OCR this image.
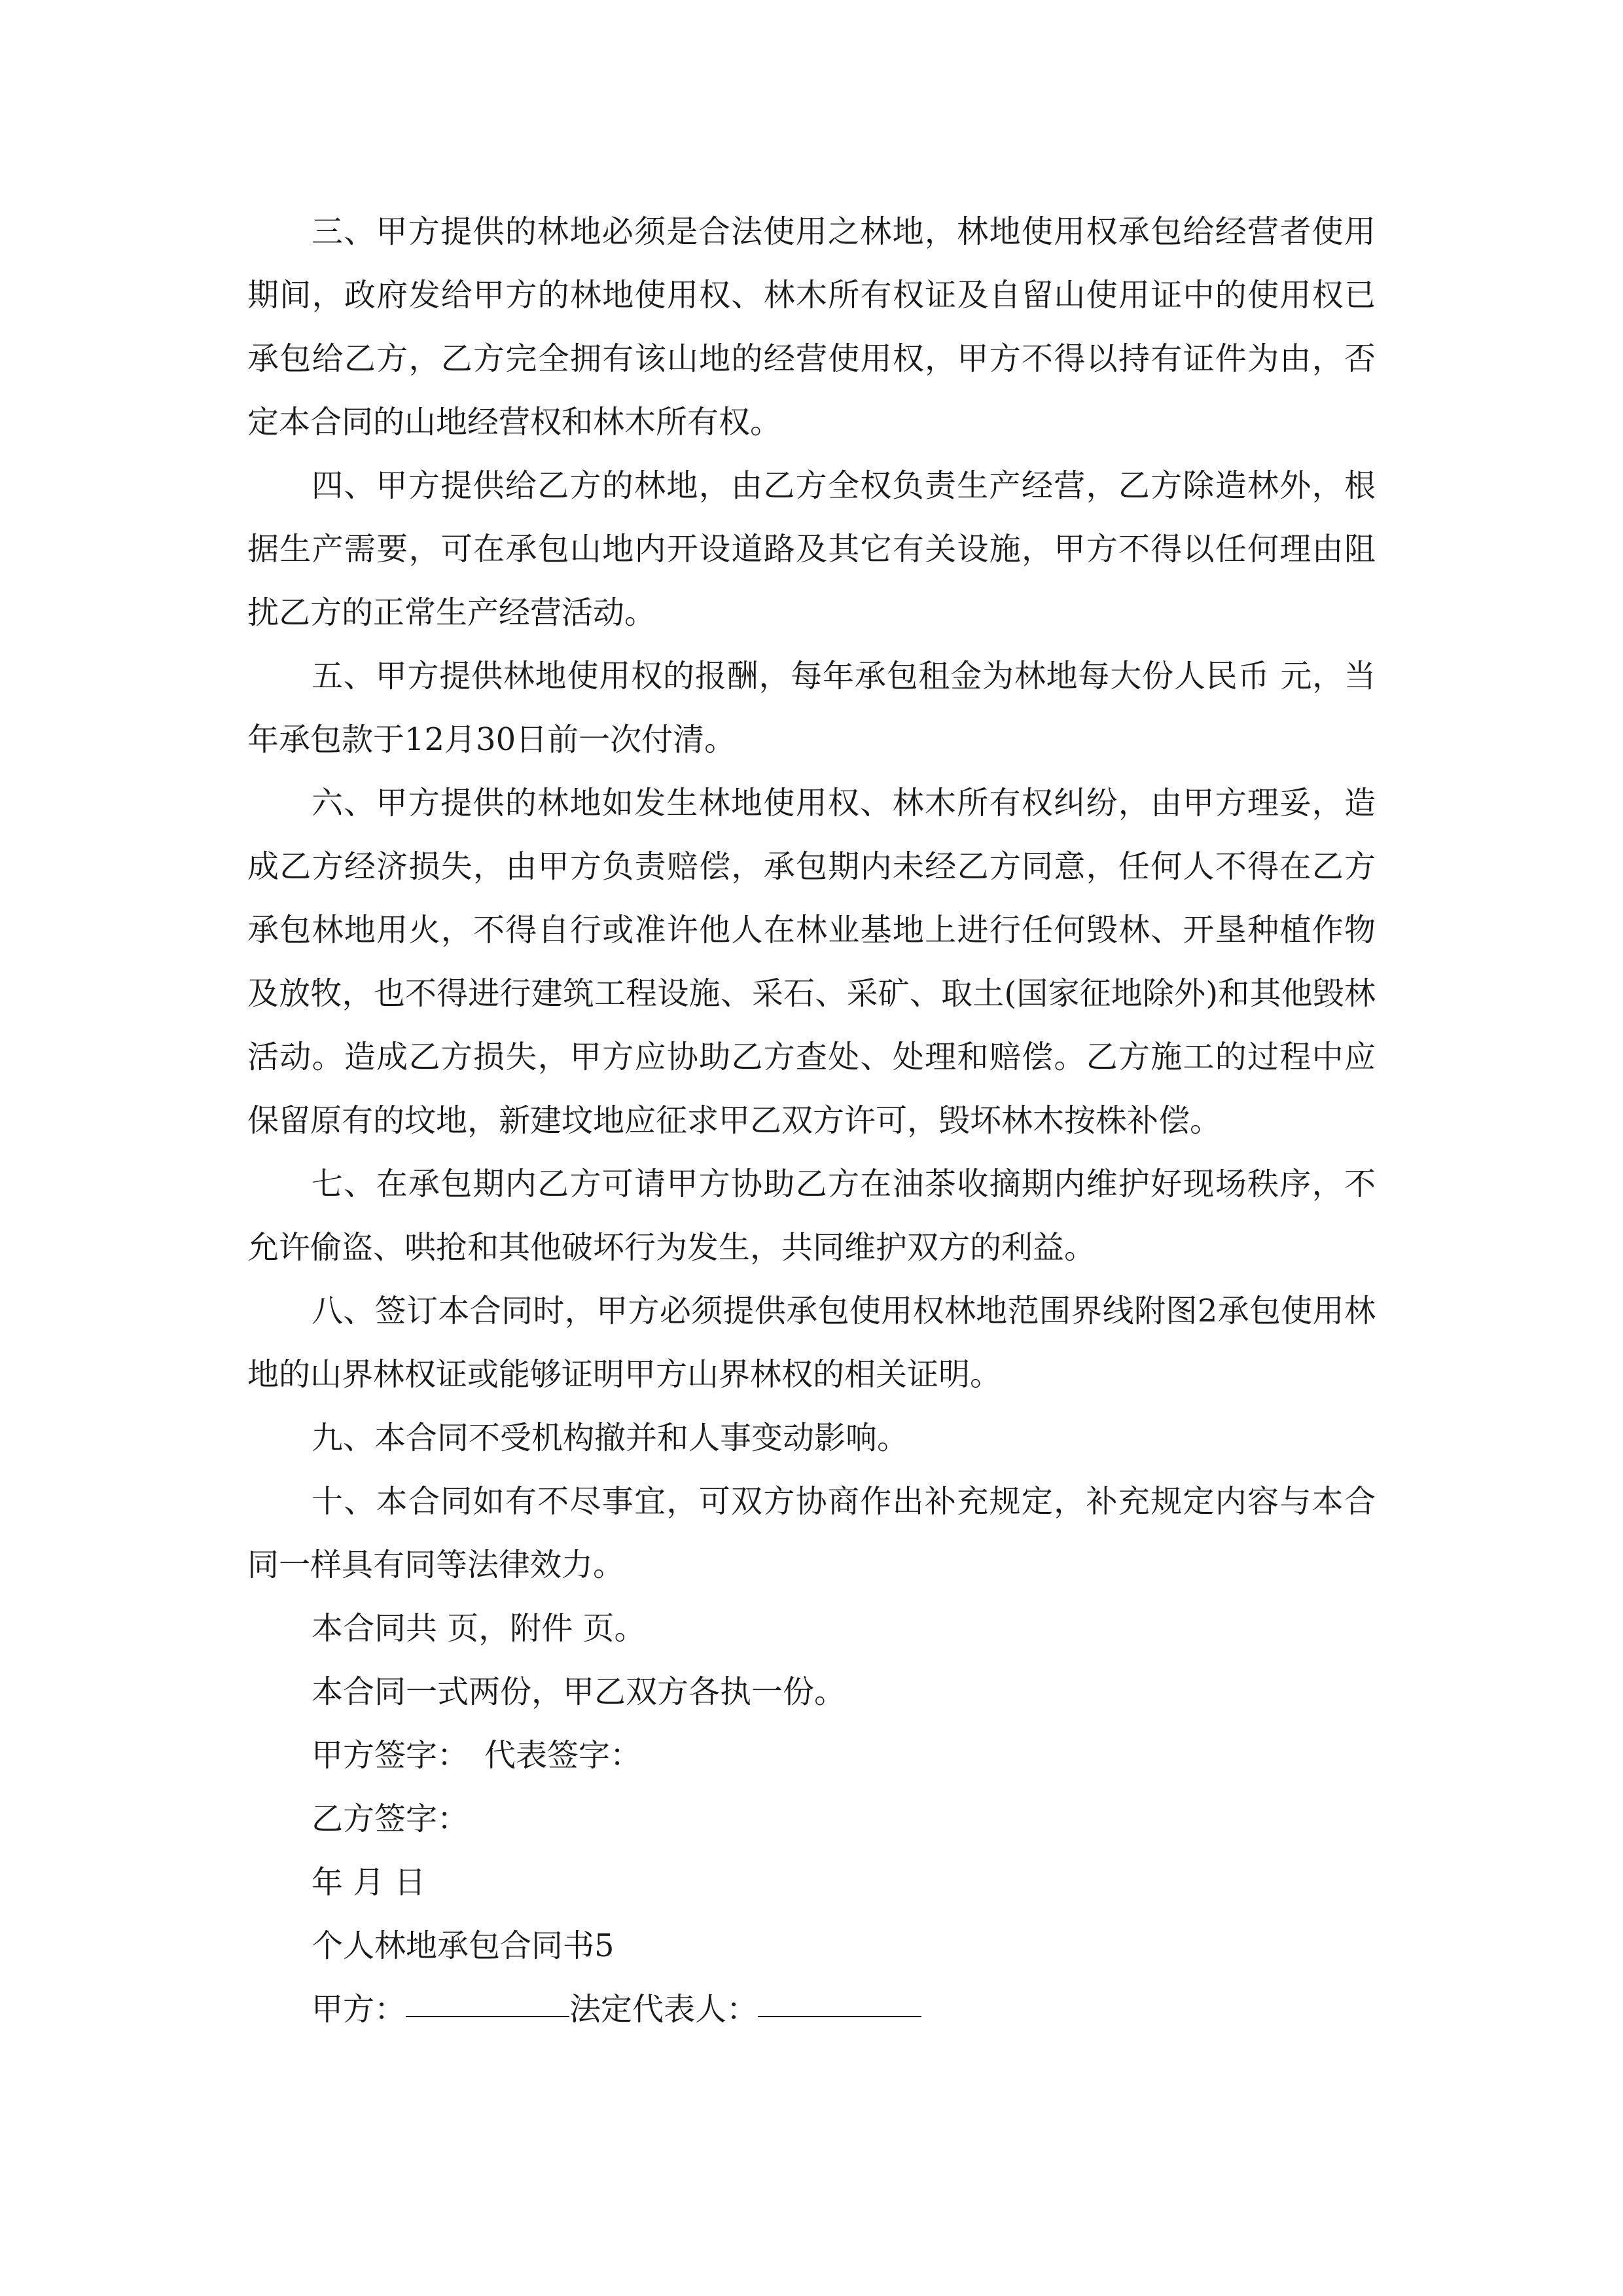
三、甲方提供的林地必须是合法使用之林地，林地使用权承包给经营者使用期间，政府发给甲方的林地使用权、林木所有权证及自留山使用证中的使用权已承包给乙方，乙方完全拥有该山地的经营使用权，甲方不得以持有证件为由，否定本合同的山地经营权和林木所有权。

四、甲方提供给乙方的林地，由乙方全权负责生产经营，乙方除造林外，根据生产需要，可在承包山地内开设道路及其它有关设施，甲方不得以任何理由阻扰乙方的正常生产经营活动。

五、甲方提供林地使用权的报酬，每年承包租金为林地每大份人民币 元，当年承包款于12月30日前一次付清。

六、甲方提供的林地如发生林地使用权、林木所有权纠纷，由甲方理妥，造成乙方经济损失，由甲方负责赔偿，承包期内未经乙方同意，任何人不得在乙方承包林地用火，不得自行或准许他人在林业基地上进行任何毁林、开垦种植作物及放牧，也不得进行建筑工程设施、采石、采矿、取土(国家征地除外)和其他毁林活动。造成乙方损失，甲方应协助乙方查处、处理和赔偿。乙方施工的过程中应保留原有的坟地，新建坟地应征求甲乙双方许可，毁坏林木按株补偿。

七、在承包期内乙方可请甲方协助乙方在油茶收摘期内维护好现场秩序，不允许偷盗、哄抢和其他破坏行为发生，共同维护双方的利益。

八、签订本合同时，甲方必须提供承包使用权林地范围界线附图2承包使用林地的山界林权证或能够证明甲方山界林权的相关证明。

九、本合同不受机构撤并和人事变动影响。

十、本合同如有不尽事宜，可双方协商作出补充规定，补充规定内容与本合同一样具有同等法律效力。

本合同共 页，附件 页。

本合同一式两份，甲乙双方各执一份。

甲方签字：　代表签字：

乙方签字：

年 月 日

个人林地承包合同书5

甲方：	法定代表人：
